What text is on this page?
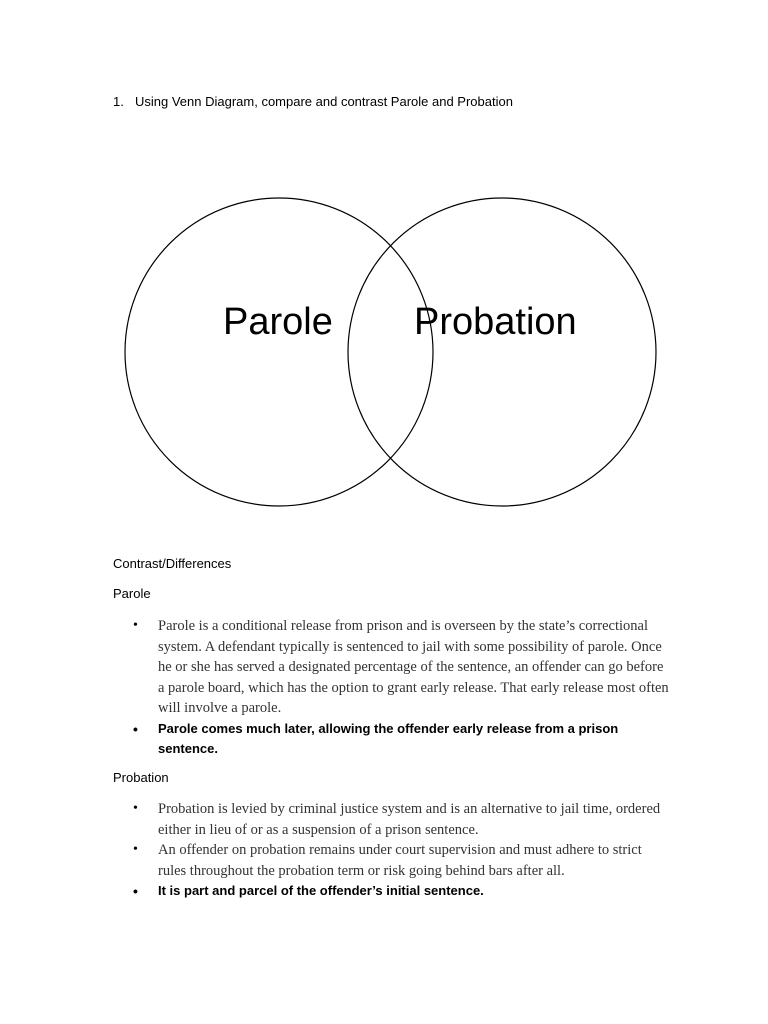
1. Using Venn Diagram, compare and contrast Parole and Probation
Parole Probation
Contrast/Differences
Parole
• Parole is a conditional release from prison and is overseen by the state’s correctional system. A defendant typically is sentenced to jail with some possibility of parole. Once he or she has served a designated percentage of the sentence, an offender can go before a parole board, which has the option to grant early release. That early release most often will involve a parole.
• Parole comes much later, allowing the offender early release from a prison sentence.
Probation
• Probation is levied by criminal justice system and is an alternative to jail time, ordered either in lieu of or as a suspension of a prison sentence.
• An offender on probation remains under court supervision and must adhere to strict rules throughout the probation term or risk going behind bars after all.
• It is part and parcel of the offender’s initial sentence.
